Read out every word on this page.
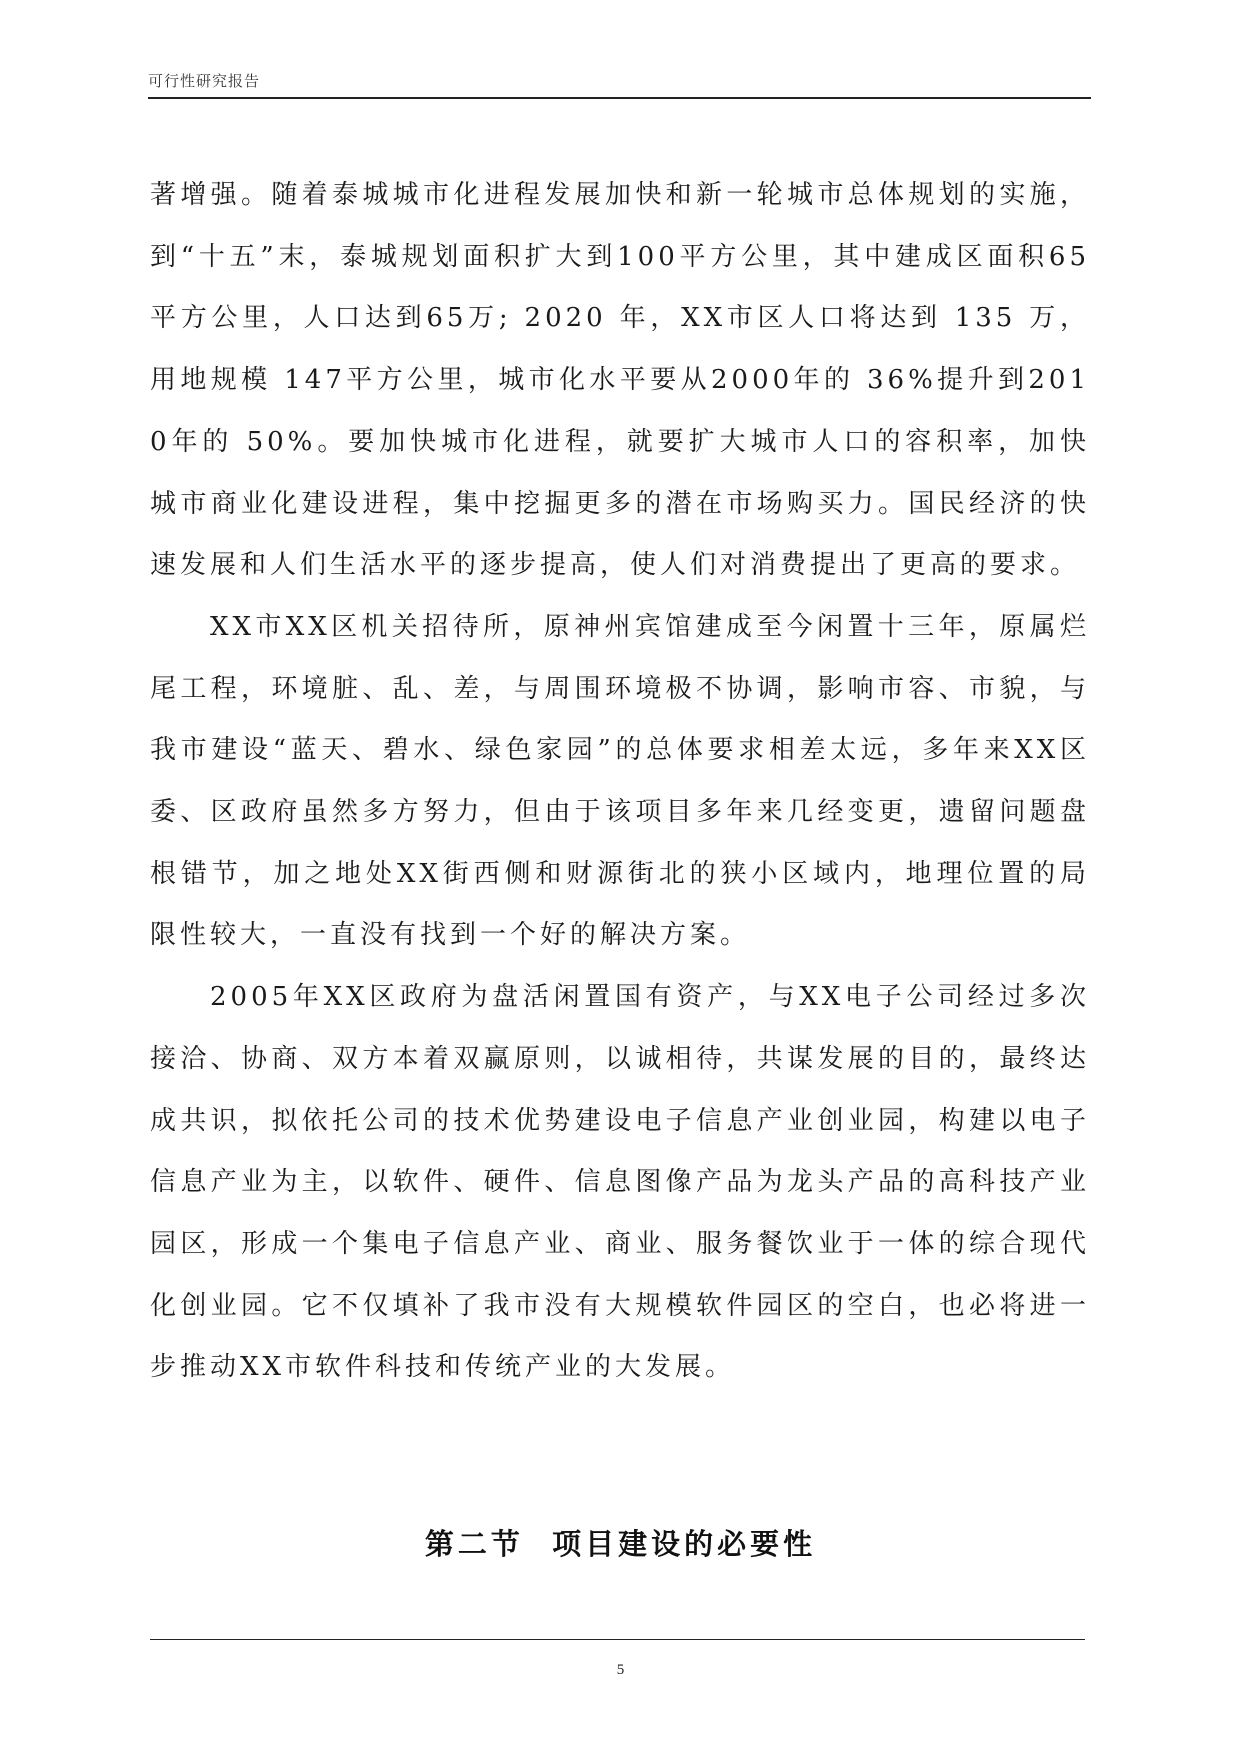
可行性研究报告

著增强。随着泰城城市化进程发展加快和新一轮城市总体规划的实施，到“十五”末，泰城规划面积扩大到100平方公里，其中建成区面积65平方公里，人口达到65万; 2020 年，XX市区人口将达到 135 万，用地规模 147平方公里，城市化水平要从2000年的 36%提升到2010年的 50%。要加快城市化进程，就要扩大城市人口的容积率，加快城市商业化建设进程，集中挖掘更多的潜在市场购买力。国民经济的快速发展和人们生活水平的逐步提高，使人们对消费提出了更高的要求。

XX市XX区机关招待所，原神州宾馆建成至今闲置十三年，原属烂尾工程，环境脏、乱、差，与周围环境极不协调，影响市容、市貌，与我市建设“蓝天、碧水、绿色家园”的总体要求相差太远，多年来XX区委、区政府虽然多方努力，但由于该项目多年来几经变更，遗留问题盘根错节，加之地处XX街西侧和财源街北的狭小区域内，地理位置的局限性较大，一直没有找到一个好的解决方案。

2005年XX区政府为盘活闲置国有资产，与XX电子公司经过多次接洽、协商、双方本着双赢原则，以诚相待，共谋发展的目的，最终达成共识，拟依托公司的技术优势建设电子信息产业创业园，构建以电子信息产业为主，以软件、硬件、信息图像产品为龙头产品的高科技产业园区，形成一个集电子信息产业、商业、服务餐饮业于一体的综合现代化创业园。它不仅填补了我市没有大规模软件园区的空白，也必将进一步推动XX市软件科技和传统产业的大发展。

第二节  项目建设的必要性
5
